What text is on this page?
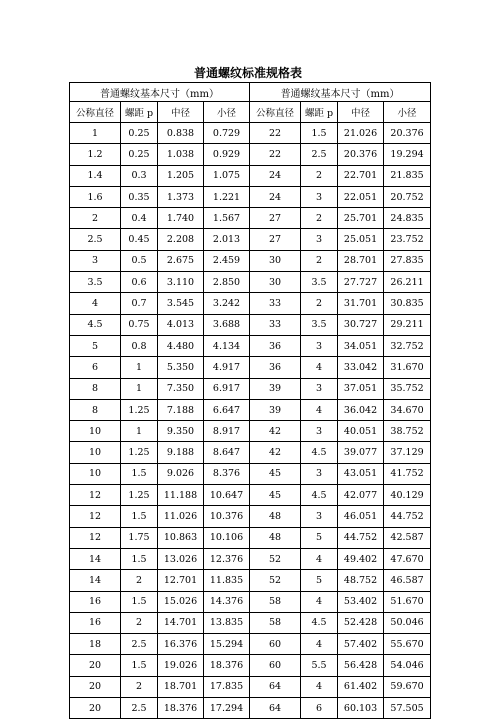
普通螺纹标准规格表
普通螺纹基本尺寸（mm）				普通螺纹基本尺寸（mm）			
公称直径	螺距 p	中径	小径	公称直径	螺距 p	中径	小径
1	0.25	0.838	0.729	22	1.5	21.026	20.376
1.2	0.25	1.038	0.929	22	2.5	20.376	19.294
1.4	0.3	1.205	1.075	24	2	22.701	21.835
1.6	0.35	1.373	1.221	24	3	22.051	20.752
2	0.4	1.740	1.567	27	2	25.701	24.835
2.5	0.45	2.208	2.013	27	3	25.051	23.752
3	0.5	2.675	2.459	30	2	28.701	27.835
3.5	0.6	3.110	2.850	30	3.5	27.727	26.211
4	0.7	3.545	3.242	33	2	31.701	30.835
4.5	0.75	4.013	3.688	33	3.5	30.727	29.211
5	0.8	4.480	4.134	36	3	34.051	32.752
6	1	5.350	4.917	36	4	33.042	31.670
8	1	7.350	6.917	39	3	37.051	35.752
8	1.25	7.188	6.647	39	4	36.042	34.670
10	1	9.350	8.917	42	3	40.051	38.752
10	1.25	9.188	8.647	42	4.5	39.077	37.129
10	1.5	9.026	8.376	45	3	43.051	41.752
12	1.25	11.188	10.647	45	4.5	42.077	40.129
12	1.5	11.026	10.376	48	3	46.051	44.752
12	1.75	10.863	10.106	48	5	44.752	42.587
14	1.5	13.026	12.376	52	4	49.402	47.670
14	2	12.701	11.835	52	5	48.752	46.587
16	1.5	15.026	14.376	58	4	53.402	51.670
16	2	14.701	13.835	58	4.5	52.428	50.046
18	2.5	16.376	15.294	60	4	57.402	55.670
20	1.5	19.026	18.376	60	5.5	56.428	54.046
20	2	18.701	17.835	64	4	61.402	59.670
20	2.5	18.376	17.294	64	6	60.103	57.505
